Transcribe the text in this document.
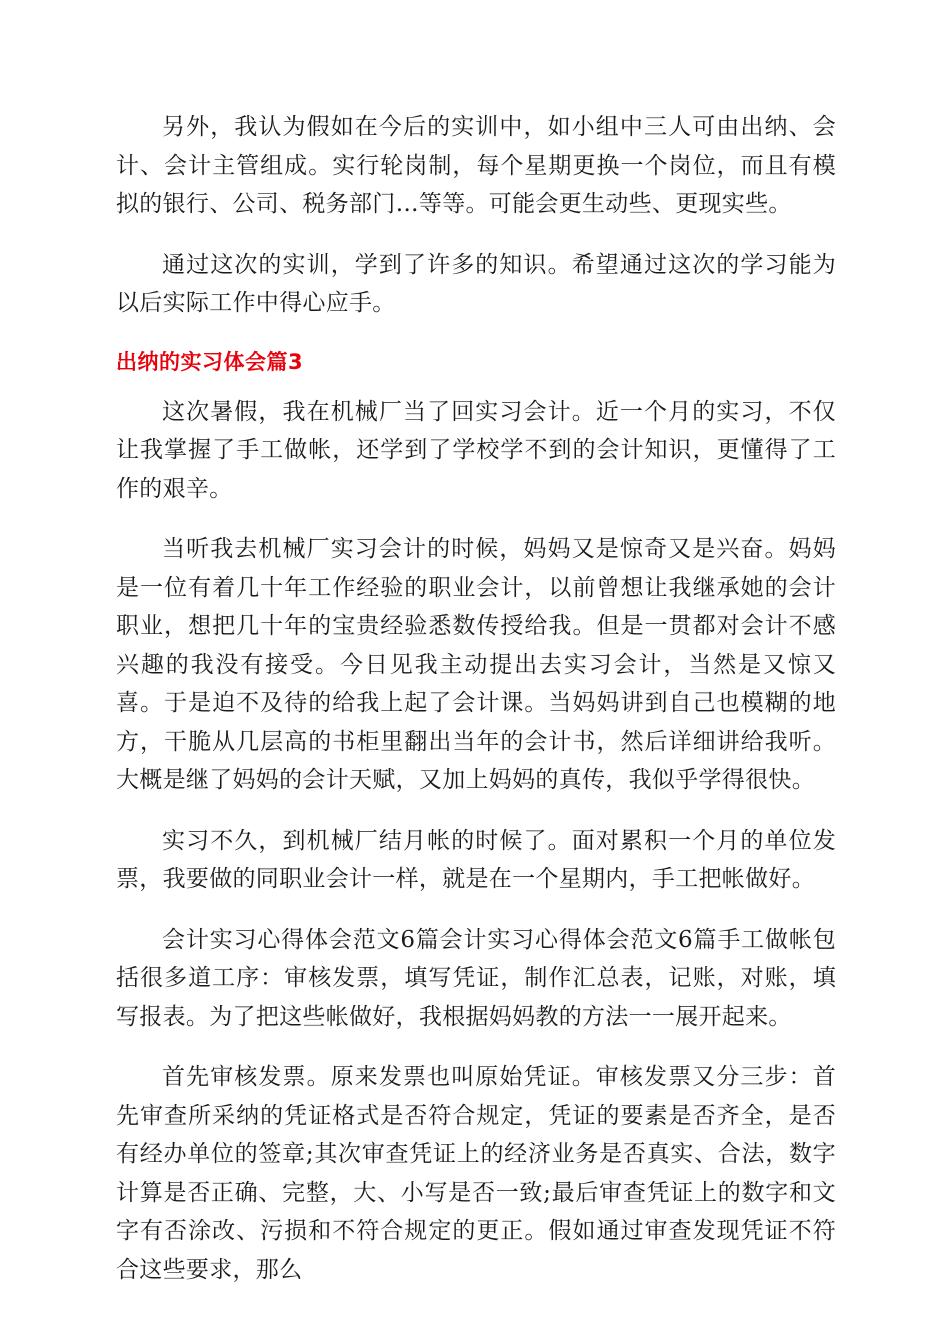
另外，我认为假如在今后的实训中，如小组中三人可由出纳、会计、会计主管组成。实行轮岗制，每个星期更换一个岗位，而且有模拟的银行、公司、税务部门…等等。可能会更生动些、更现实些。

通过这次的实训，学到了许多的知识。希望通过这次的学习能为以后实际工作中得心应手。

出纳的实习体会篇3

这次暑假，我在机械厂当了回实习会计。近一个月的实习，不仅让我掌握了手工做帐，还学到了学校学不到的会计知识，更懂得了工作的艰辛。

当听我去机械厂实习会计的时候，妈妈又是惊奇又是兴奋。妈妈是一位有着几十年工作经验的职业会计，以前曾想让我继承她的会计职业，想把几十年的宝贵经验悉数传授给我。但是一贯都对会计不感兴趣的我没有接受。今日见我主动提出去实习会计，当然是又惊又喜。于是迫不及待的给我上起了会计课。当妈妈讲到自己也模糊的地方，干脆从几层高的书柜里翻出当年的会计书，然后详细讲给我听。大概是继了妈妈的会计天赋，又加上妈妈的真传，我似乎学得很快。

实习不久，到机械厂结月帐的时候了。面对累积一个月的单位发票，我要做的同职业会计一样，就是在一个星期内，手工把帐做好。

会计实习心得体会范文6篇会计实习心得体会范文6篇手工做帐包括很多道工序：审核发票，填写凭证，制作汇总表，记账，对账，填写报表。为了把这些帐做好，我根据妈妈教的方法一一展开起来。

首先审核发票。原来发票也叫原始凭证。审核发票又分三步：首先审查所采纳的凭证格式是否符合规定，凭证的要素是否齐全，是否有经办单位的签章;其次审查凭证上的经济业务是否真实、合法，数字计算是否正确、完整，大、小写是否一致;最后审查凭证上的数字和文字有否涂改、污损和不符合规定的更正。假如通过审查发现凭证不符合这些要求，那么
